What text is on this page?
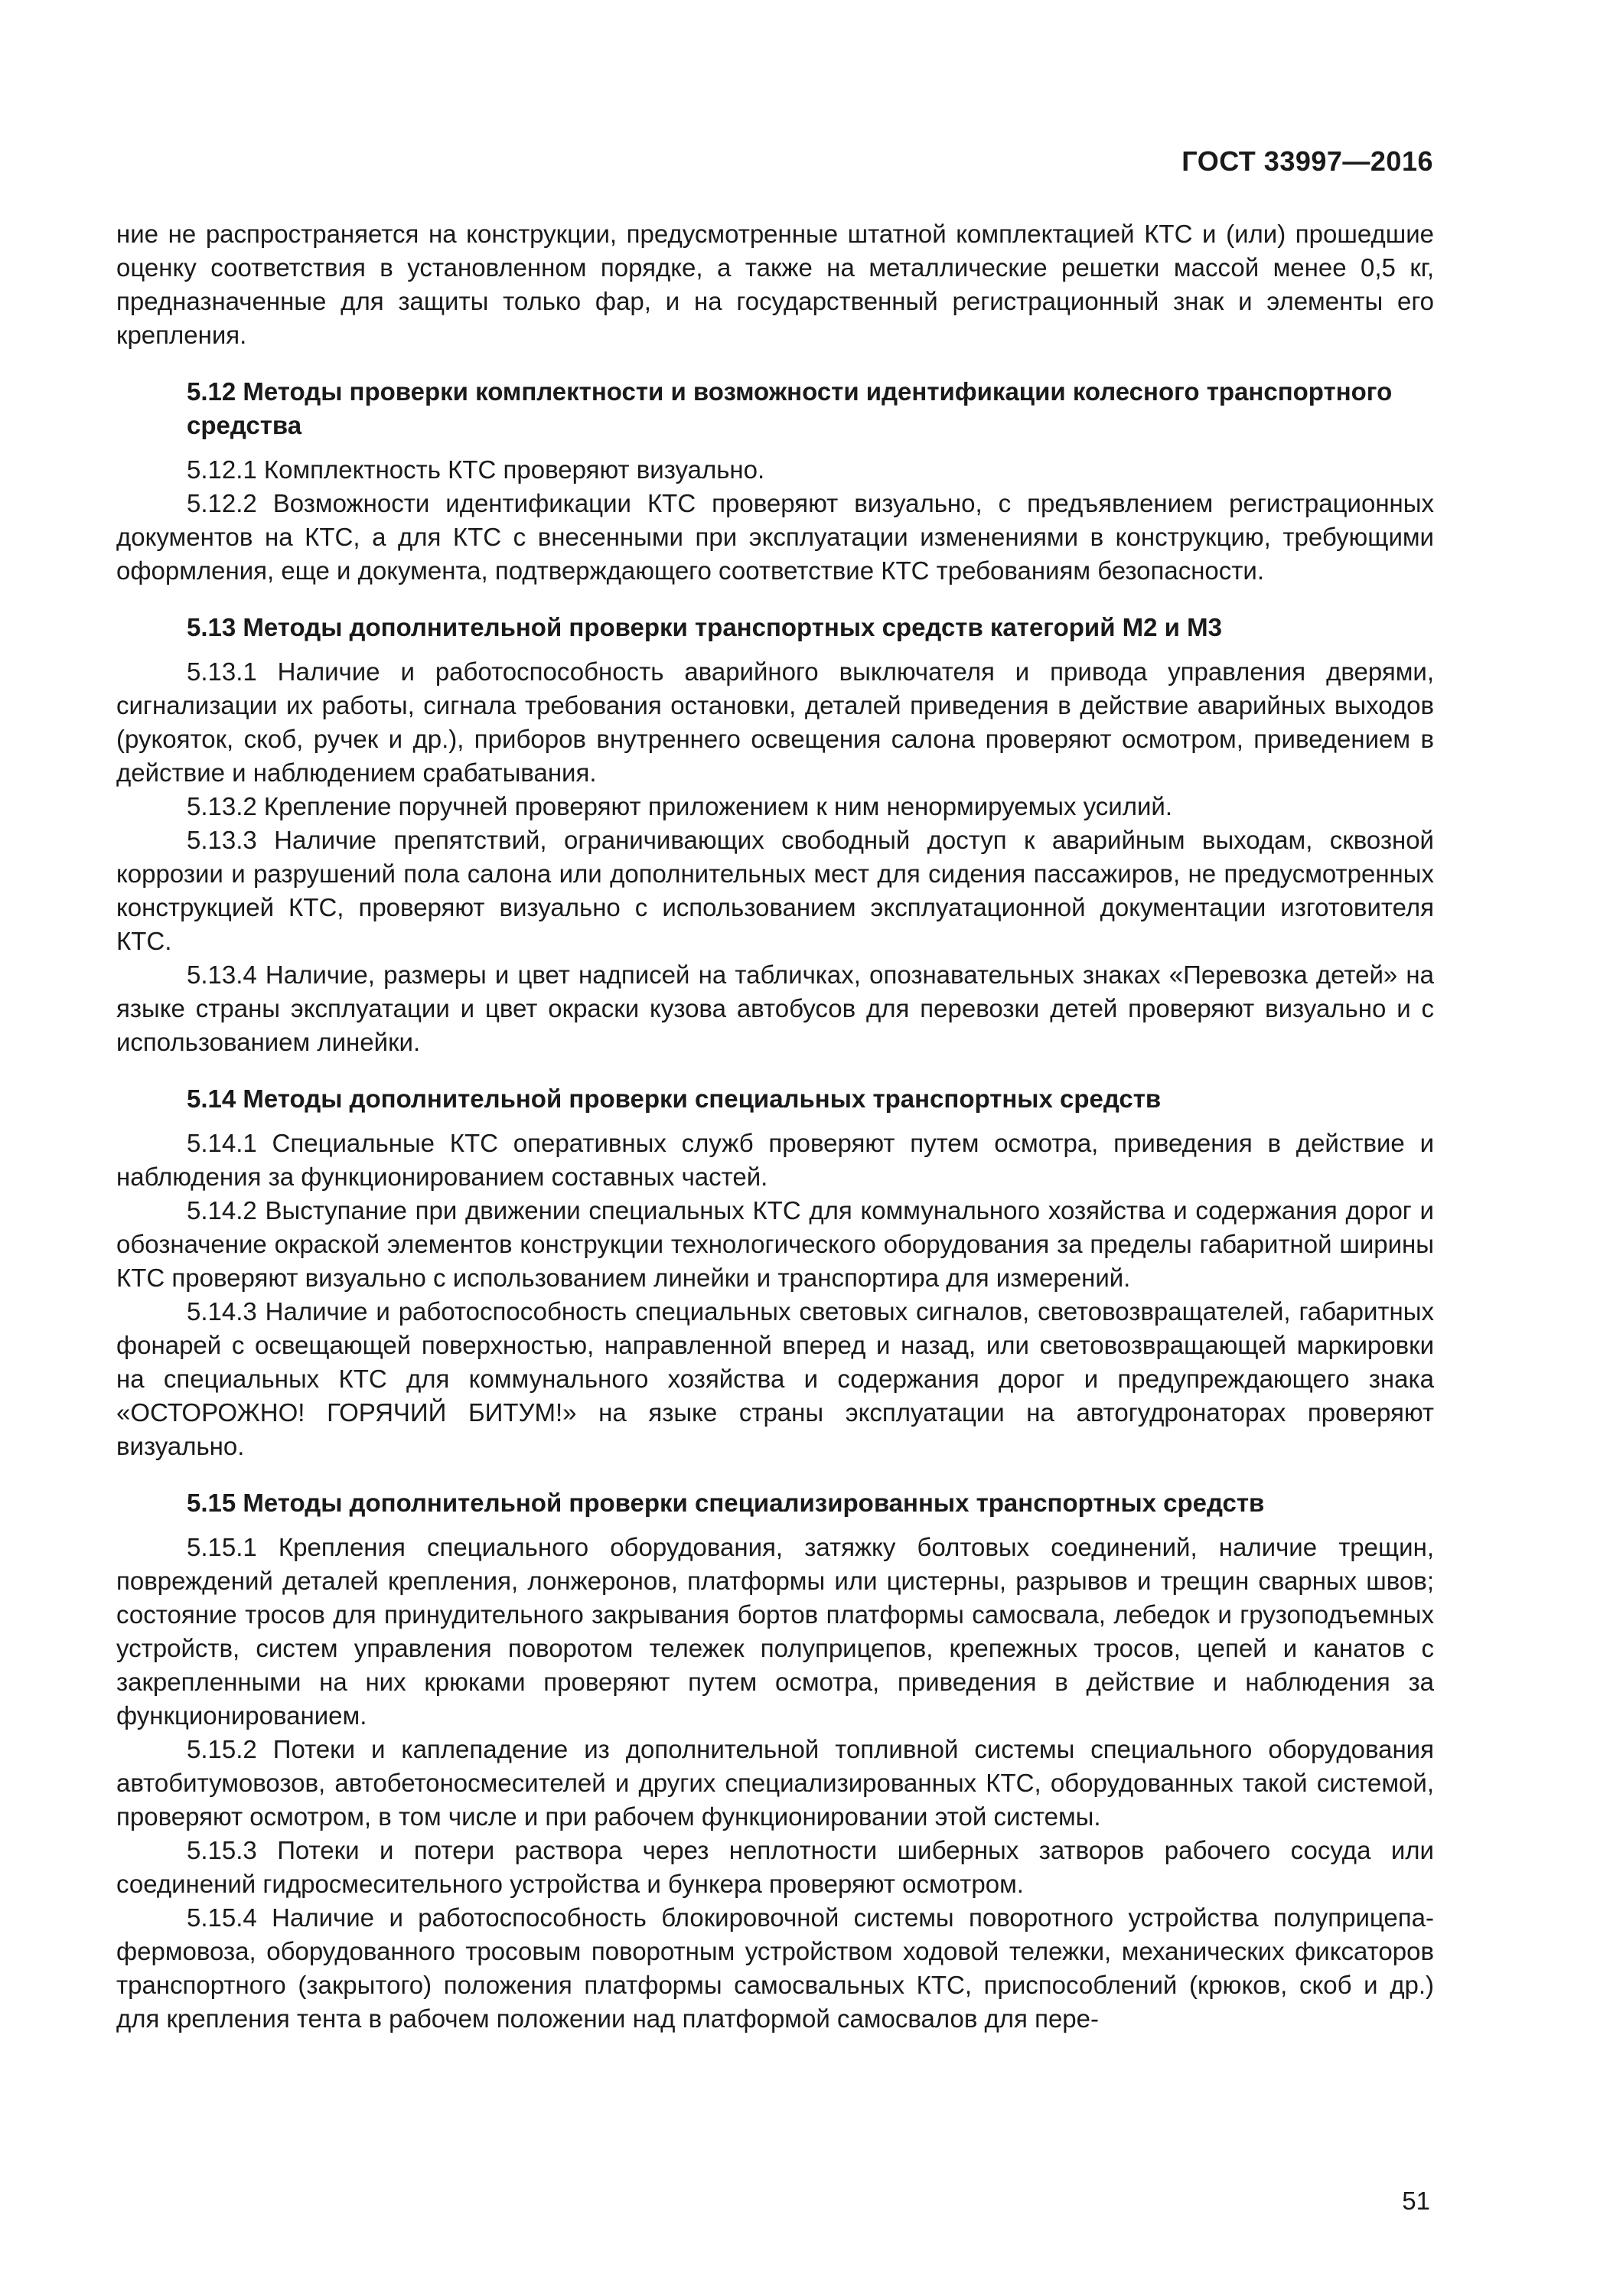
ГОСТ 33997—2016

ние не распространяется на конструкции, предусмотренные штатной комплектацией КТС и (или) прошедшие оценку соответствия в установленном порядке, а также на металлические решетки массой менее 0,5 кг, предназначенные для защиты только фар, и на государственный регистрационный знак и элементы его крепления.

5.12 Методы проверки комплектности и возможности идентификации колесного транспортного средства

5.12.1 Комплектность КТС проверяют визуально.

5.12.2 Возможности идентификации КТС проверяют визуально, с предъявлением регистрационных документов на КТС, а для КТС с внесенными при эксплуатации изменениями в конструкцию, требующими оформления, еще и документа, подтверждающего соответствие КТС требованиям безопасности.

5.13 Методы дополнительной проверки транспортных средств категорий М2 и М3

5.13.1 Наличие и работоспособность аварийного выключателя и привода управления дверями, сигнализации их работы, сигнала требования остановки, деталей приведения в действие аварийных выходов (рукояток, скоб, ручек и др.), приборов внутреннего освещения салона проверяют осмотром, приведением в действие и наблюдением срабатывания.

5.13.2 Крепление поручней проверяют приложением к ним ненормируемых усилий.

5.13.3 Наличие препятствий, ограничивающих свободный доступ к аварийным выходам, сквозной коррозии и разрушений пола салона или дополнительных мест для сидения пассажиров, не предусмотренных конструкцией КТС, проверяют визуально с использованием эксплуатационной документации изготовителя КТС.

5.13.4 Наличие, размеры и цвет надписей на табличках, опознавательных знаках «Перевозка детей» на языке страны эксплуатации и цвет окраски кузова автобусов для перевозки детей проверяют визуально и с использованием линейки.

5.14 Методы дополнительной проверки специальных транспортных средств

5.14.1 Специальные КТС оперативных служб проверяют путем осмотра, приведения в действие и наблюдения за функционированием составных частей.

5.14.2 Выступание при движении специальных КТС для коммунального хозяйства и содержания дорог и обозначение окраской элементов конструкции технологического оборудования за пределы габаритной ширины КТС проверяют визуально с использованием линейки и транспортира для измерений.

5.14.3 Наличие и работоспособность специальных световых сигналов, световозвращателей, габаритных фонарей с освещающей поверхностью, направленной вперед и назад, или световозвращающей маркировки на специальных КТС для коммунального хозяйства и содержания дорог и предупреждающего знака «ОСТОРОЖНО! ГОРЯЧИЙ БИТУМ!» на языке страны эксплуатации на автогудронаторах проверяют визуально.

5.15 Методы дополнительной проверки специализированных транспортных средств

5.15.1 Крепления специального оборудования, затяжку болтовых соединений, наличие трещин, повреждений деталей крепления, лонжеронов, платформы или цистерны, разрывов и трещин сварных швов; состояние тросов для принудительного закрывания бортов платформы самосвала, лебедок и грузоподъемных устройств, систем управления поворотом тележек полуприцепов, крепежных тросов, цепей и канатов с закрепленными на них крюками проверяют путем осмотра, приведения в действие и наблюдения за функционированием.

5.15.2 Потеки и каплепадение из дополнительной топливной системы специального оборудования автобитумовозов, автобетоносмесителей и других специализированных КТС, оборудованных такой системой, проверяют осмотром, в том числе и при рабочем функционировании этой системы.

5.15.3 Потеки и потери раствора через неплотности шиберных затворов рабочего сосуда или соединений гидросмесительного устройства и бункера проверяют осмотром.

5.15.4 Наличие и работоспособность блокировочной системы поворотного устройства полуприцепа-фермовоза, оборудованного тросовым поворотным устройством ходовой тележки, механических фиксаторов транспортного (закрытого) положения платформы самосвальных КТС, приспособлений (крюков, скоб и др.) для крепления тента в рабочем положении над платформой самосвалов для пере-

51
